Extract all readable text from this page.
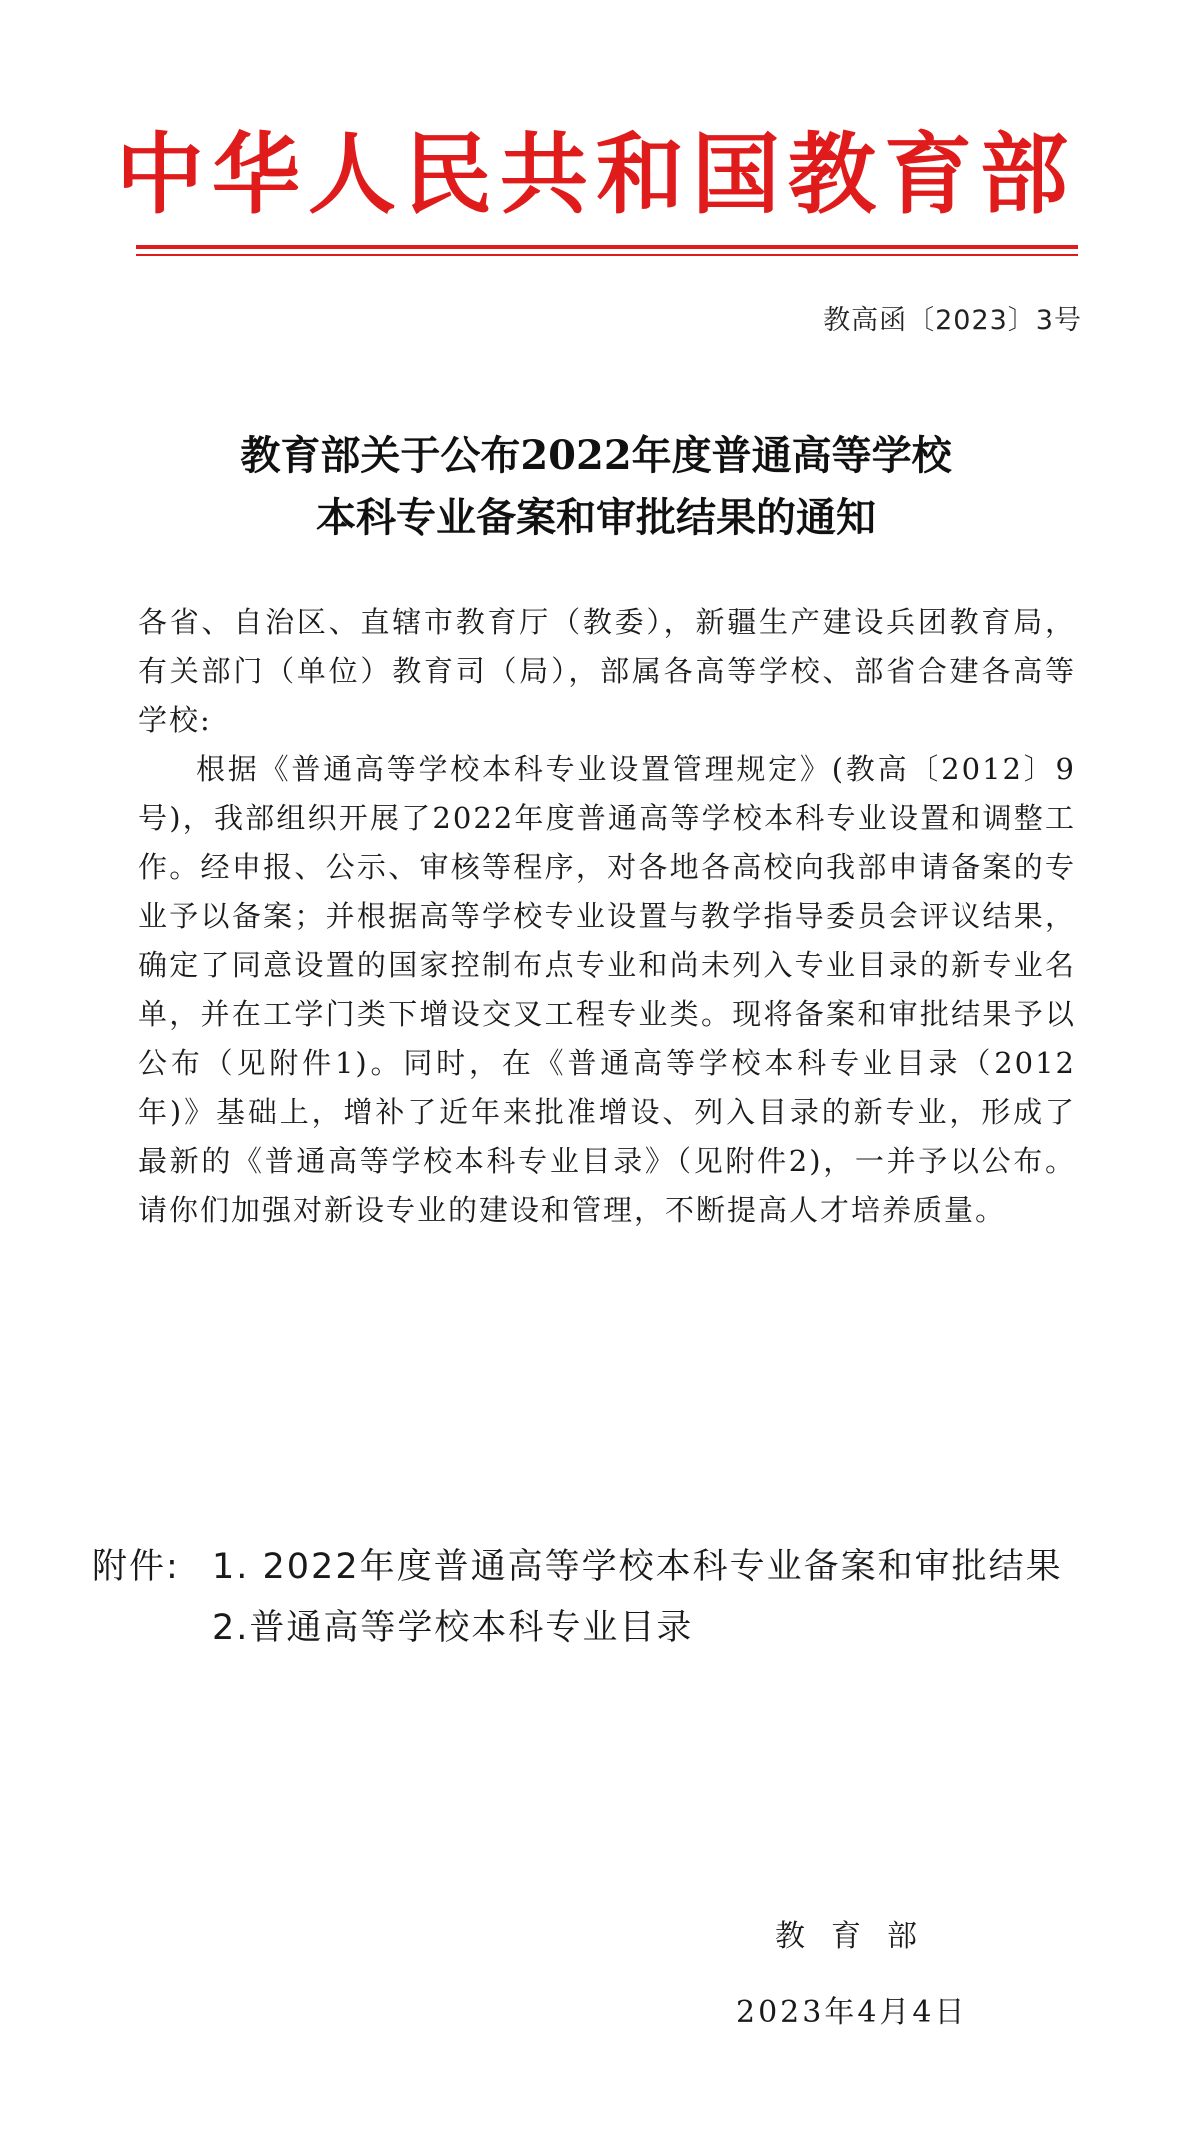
中华人民共和国教育部
教高函〔2023〕3号
教育部关于公布2022年度普通高等学校
本科专业备案和审批结果的通知

各省、自治区、直辖市教育厅（教委），新疆生产建设兵团教育局，有关部门（单位）教育司（局），部属各高等学校、部省合建各高等学校:

根据《普通高等学校本科专业设置管理规定》(教高〔2012〕9号)，我部组织开展了2022年度普通高等学校本科专业设置和调整工作。经申报、公示、审核等程序，对各地各高校向我部申请备案的专业予以备案；并根据高等学校专业设置与教学指导委员会评议结果，确定了同意设置的国家控制布点专业和尚未列入专业目录的新专业名单，并在工学门类下增设交叉工程专业类。现将备案和审批结果予以公布（见附件1)。同时，在《普通高等学校本科专业目录（2012年)》基础上，增补了近年来批准增设、列入目录的新专业，形成了最新的《普通高等学校本科专业目录》（见附件2)，一并予以公布。请你们加强对新设专业的建设和管理，不断提高人才培养质量。

附件: 1. 2022年度普通高等学校本科专业备案和审批结果
2.普通高等学校本科专业目录
教育部
2023年4月4日
